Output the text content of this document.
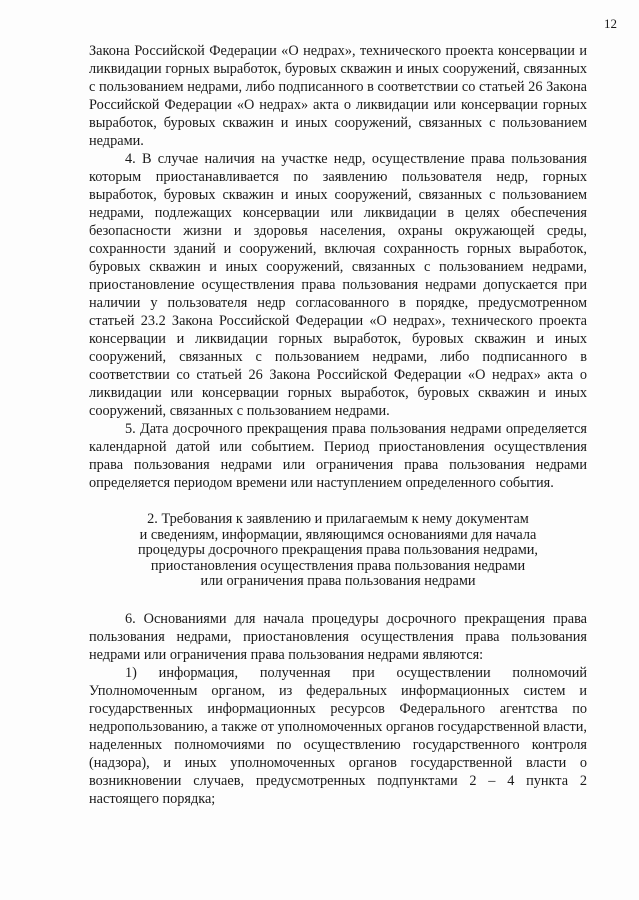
12

Закона Российской Федерации «О недрах», технического проекта консервации и ликвидации горных выработок, буровых скважин и иных сооружений, связанных с пользованием недрами, либо подписанного в соответствии со статьей 26 Закона Российской Федерации «О недрах» акта о ликвидации или консервации горных выработок, буровых скважин и иных сооружений, связанных с пользованием недрами.

4. В случае наличия на участке недр, осуществление права пользования которым приостанавливается по заявлению пользователя недр, горных выработок, буровых скважин и иных сооружений, связанных с пользованием недрами, подлежащих консервации или ликвидации в целях обеспечения безопасности жизни и здоровья населения, охраны окружающей среды, сохранности зданий и сооружений, включая сохранность горных выработок, буровых скважин и иных сооружений, связанных с пользованием недрами, приостановление осуществления права пользования недрами допускается при наличии у пользователя недр согласованного в порядке, предусмотренном статьей 23.2 Закона Российской Федерации «О недрах», технического проекта консервации и ликвидации горных выработок, буровых скважин и иных сооружений, связанных с пользованием недрами, либо подписанного в соответствии со статьей 26 Закона Российской Федерации «О недрах» акта о ликвидации или консервации горных выработок, буровых скважин и иных сооружений, связанных с пользованием недрами.

5. Дата досрочного прекращения права пользования недрами определяется календарной датой или событием. Период приостановления осуществления права пользования недрами или ограничения права пользования недрами определяется периодом времени или наступлением определенного события.

2. Требования к заявлению и прилагаемым к нему документам
и сведениям, информации, являющимся основаниями для начала
процедуры досрочного прекращения права пользования недрами,
приостановления осуществления права пользования недрами
или ограничения права пользования недрами

6. Основаниями для начала процедуры досрочного прекращения права пользования недрами, приостановления осуществления права пользования недрами или ограничения права пользования недрами являются:

1) информация, полученная при осуществлении полномочий Уполномоченным органом, из федеральных информационных систем и государственных информационных ресурсов Федерального агентства по недропользованию, а также от уполномоченных органов государственной власти, наделенных полномочиями по осуществлению государственного контроля (надзора), и иных уполномоченных органов государственной власти о возникновении случаев, предусмотренных подпунктами 2 – 4 пункта 2 настоящего порядка;
